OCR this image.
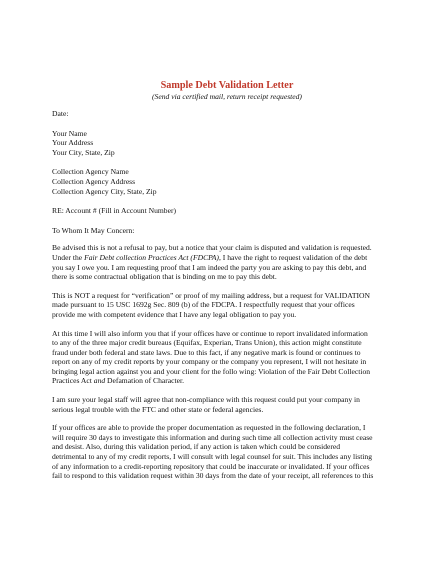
Sample Debt Validation Letter
(Send via certified mail, return receipt requested)
Date:
Your Name
Your Address
Your City, State, Zip
Collection Agency Name
Collection Agency Address
Collection Agency City, State, Zip
RE: Account # (Fill in Account Number)
To Whom It May Concern:

Be advised this is not a refusal to pay, but a notice that your claim is disputed and validation is requested.
Under the Fair Debt collection Practices Act (FDCPA), I have the right to request validation of the debt
you say I owe you. I am requesting proof that I am indeed the party you are asking to pay this debt, and
there is some contractual obligation that is binding on me to pay this debt.

This is NOT a request for “verification” or proof of my mailing address, but a request for VALIDATION
made pursuant to 15 USC 1692g Sec. 809 (b) of the FDCPA. I respectfully request that your offices
provide me with competent evidence that I have any legal obligation to pay you.

At this time I will also inform you that if your offices have or continue to report invalidated information
to any of the three major credit bureaus (Equifax, Experian, Trans Union), this action might constitute
fraud under both federal and state laws. Due to this fact, if any negative mark is found or continues to
report on any of my credit reports by your company or the company you represent, I will not hesitate in
bringing legal action against you and your client for the follo wing: Violation of the Fair Debt Collection
Practices Act and Defamation of Character.

I am sure your legal staff will agree that non-compliance with this request could put your company in
serious legal trouble with the FTC and other state or federal agencies.

If your offices are able to provide the proper documentation as requested in the following declaration, I
will require 30 days to investigate this information and during such time all collection activity must cease
and desist. Also, during this validation period, if any action is taken which could be considered
detrimental to any of my credit reports, I will consult with legal counsel for suit. This includes any listing
of any information to a credit-reporting repository that could be inaccurate or invalidated. If your offices
fail to respond to this validation request within 30 days from the date of your receipt, all references to this
